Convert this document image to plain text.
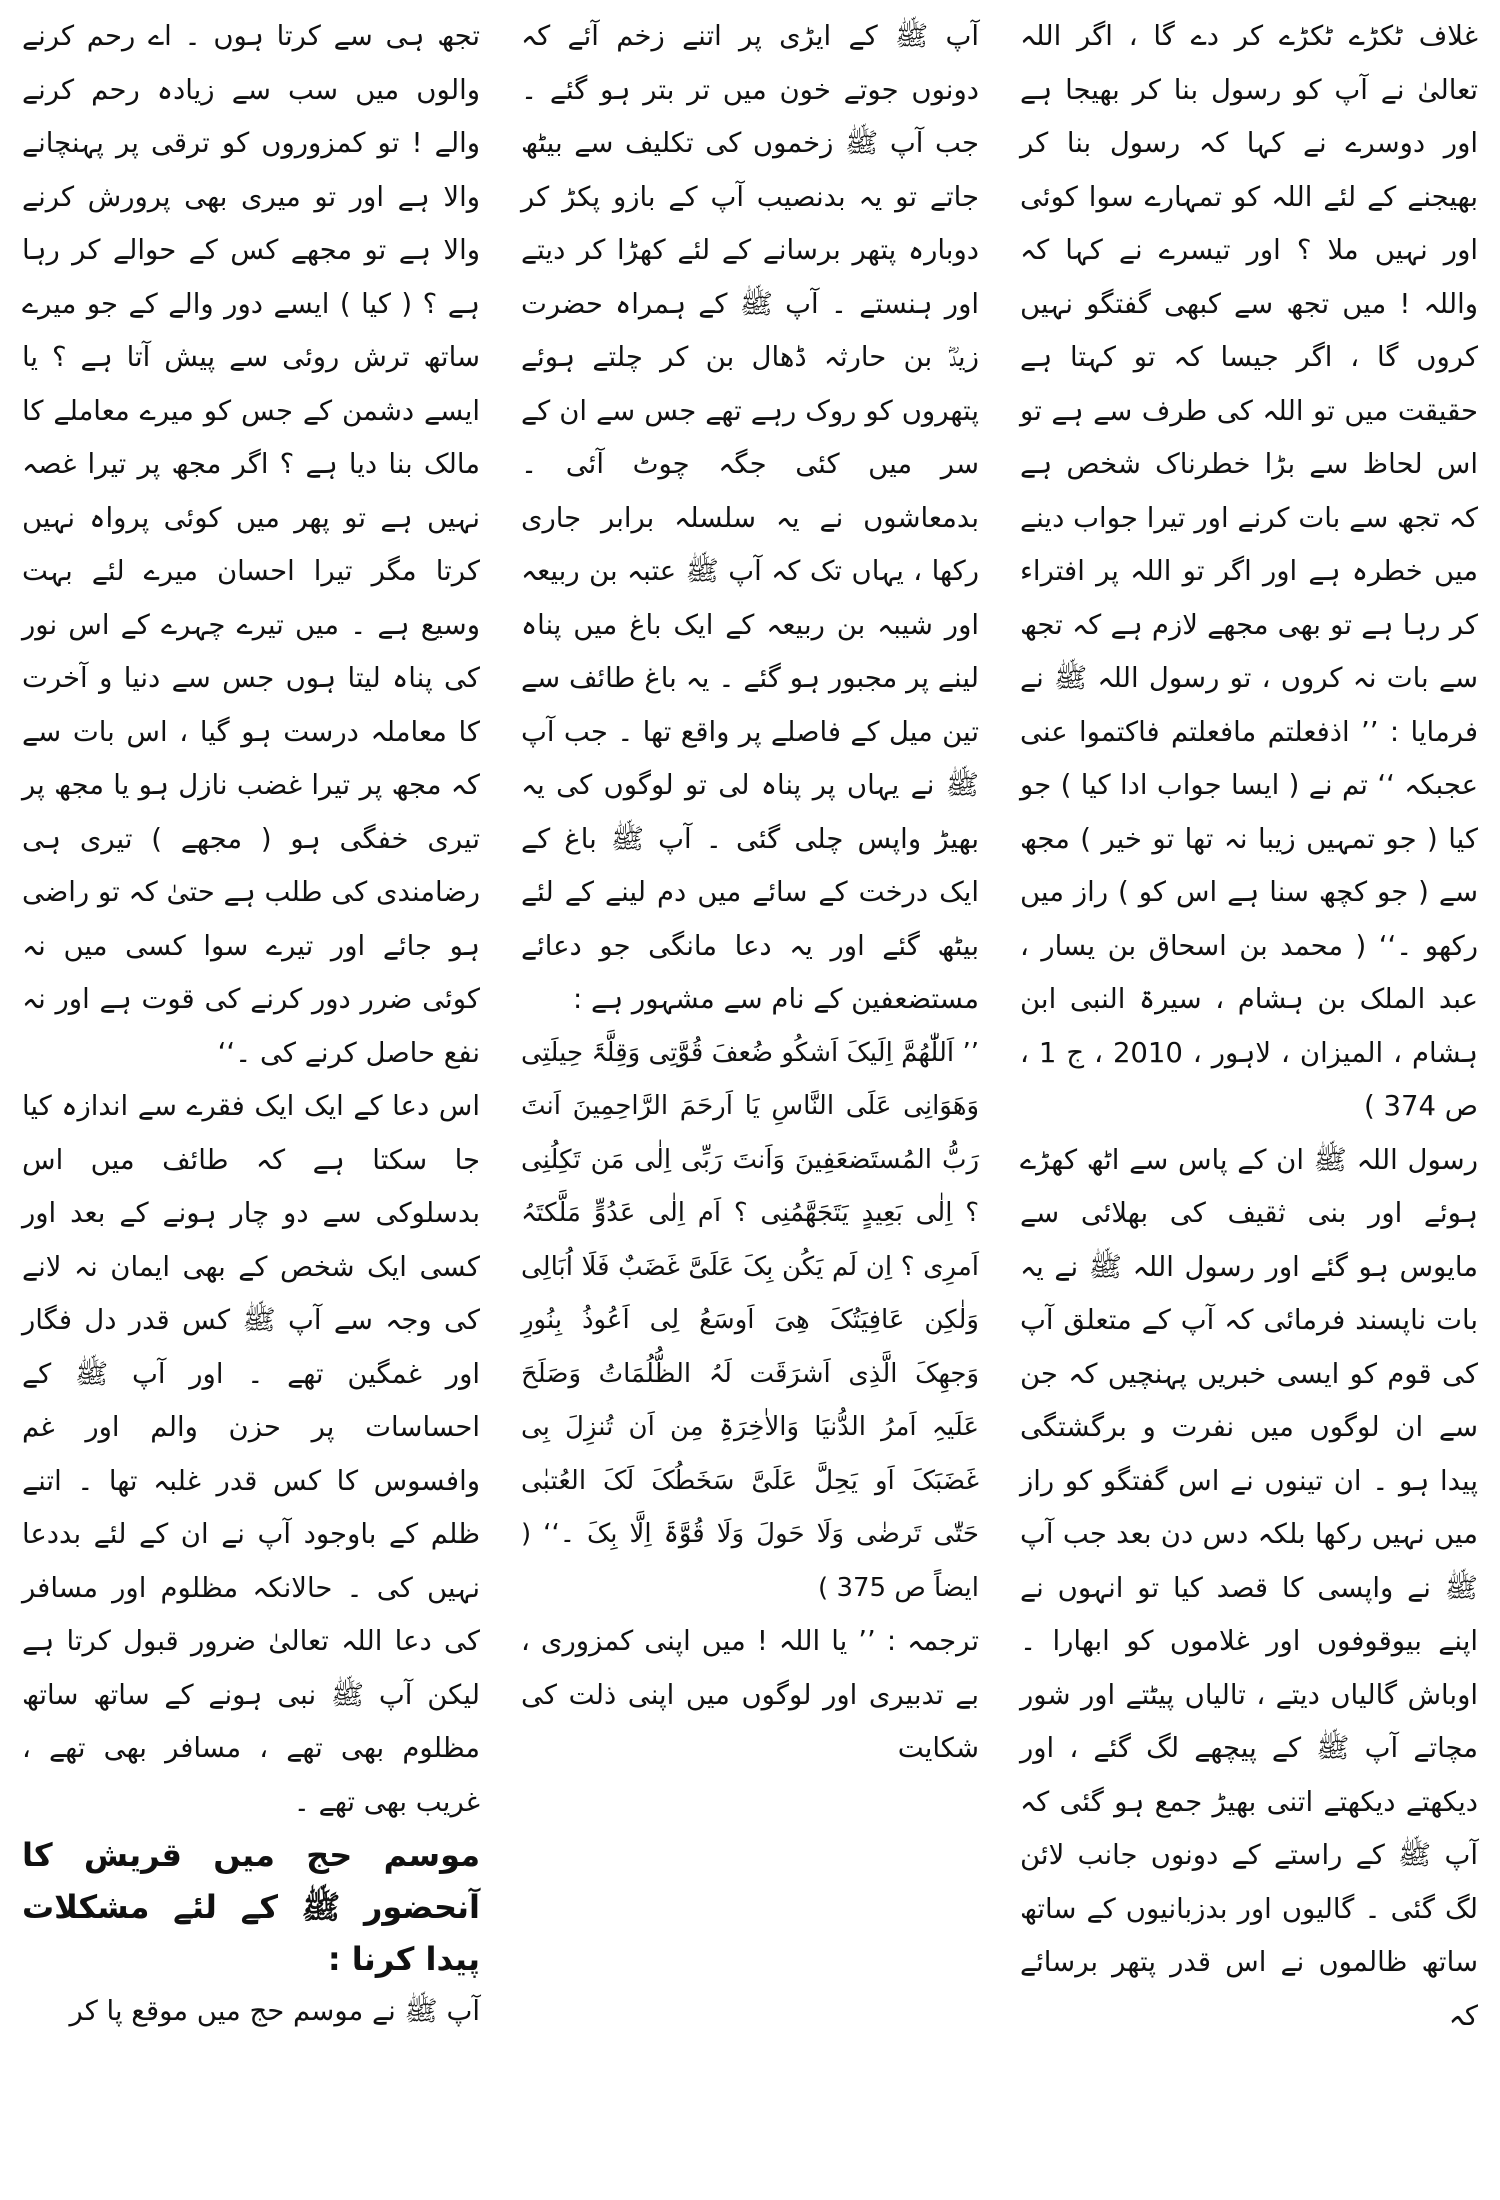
غلاف ٹکڑے ٹکڑے کر دے گا ، اگر اللہ تعالیٰ نے آپ کو رسول بنا کر بھیجا ہے اور دوسرے نے کہا کہ رسول بنا کر بھیجنے کے لئے اللہ کو تمہارے سوا کوئی اور نہیں ملا ؟ اور تیسرے نے کہا کہ واللہ ! میں تجھ سے کبھی گفتگو نہیں کروں گا ، اگر جیسا کہ تو کہتا ہے حقیقت میں تو اللہ کی طرف سے ہے تو اس لحاظ سے بڑا خطرناک شخص ہے کہ تجھ سے بات کرنے اور تیرا جواب دینے میں خطرہ ہے اور اگر تو اللہ پر افتراء کر رہا ہے تو بھی مجھے لازم ہے کہ تجھ سے بات نہ کروں ، تو رسول اللہ ﷺ نے فرمایا : ’’ اذفعلتم مافعلتم فاکتموا عنی عجبکہ ‘‘ تم نے ( ایسا جواب ادا کیا ) جو کیا ( جو تمہیں زیبا نہ تھا تو خیر ) مجھ سے ( جو کچھ سنا ہے اس کو ) راز میں رکھو ۔‘‘ ( محمد بن اسحاق بن یسار ، عبد الملک بن ہشام ، سیرۃ النبی ابن ہشام ، المیزان ، لاہور ، 2010 ، ج 1 ، ص 374 )

رسول اللہ ﷺ ان کے پاس سے اٹھ کھڑے ہوئے اور بنی ثقیف کی بھلائی سے مایوس ہو گئے اور رسول اللہ ﷺ نے یہ بات ناپسند فرمائی کہ آپ کے متعلق آپ کی قوم کو ایسی خبریں پہنچیں کہ جن سے ان لوگوں میں نفرت و برگشتگی پیدا ہو ۔ ان تینوں نے اس گفتگو کو راز میں نہیں رکھا بلکہ دس دن بعد جب آپ ﷺ نے واپسی کا قصد کیا تو انہوں نے اپنے بیوقوفوں اور غلاموں کو ابھارا ۔ اوباش گالیاں دیتے ، تالیاں پیٹتے اور شور مچاتے آپ ﷺ کے پیچھے لگ گئے ، اور دیکھتے دیکھتے اتنی بھیڑ جمع ہو گئی کہ آپ ﷺ کے راستے کے دونوں جانب لائن لگ گئی ۔ گالیوں اور بدزبانیوں کے ساتھ ساتھ ظالموں نے اس قدر پتھر برسائے کہ

آپ ﷺ کے ایڑی پر اتنے زخم آئے کہ دونوں جوتے خون میں تر بتر ہو گئے ۔ جب آپ ﷺ زخموں کی تکلیف سے بیٹھ جاتے تو یہ بدنصیب آپ کے بازو پکڑ کر دوبارہ پتھر برسانے کے لئے کھڑا کر دیتے اور ہنستے ۔ آپ ﷺ کے ہمراہ حضرت زیدؓ بن حارثہ ڈھال بن کر چلتے ہوئے پتھروں کو روک رہے تھے جس سے ان کے سر میں کئی جگہ چوٹ آئی ۔ بدمعاشوں نے یہ سلسلہ برابر جاری رکھا ، یہاں تک کہ آپ ﷺ عتبہ بن ربیعہ اور شیبہ بن ربیعہ کے ایک باغ میں پناہ لینے پر مجبور ہو گئے ۔ یہ باغ طائف سے تین میل کے فاصلے پر واقع تھا ۔ جب آپ ﷺ نے یہاں پر پناہ لی تو لوگوں کی یہ بھیڑ واپس چلی گئی ۔ آپ ﷺ باغ کے ایک درخت کے سائے میں دم لینے کے لئے بیٹھ گئے اور یہ دعا مانگی جو دعائے مستضعفین کے نام سے مشہور ہے :

’’ اَللّٰھُمَّ اِلَیکَ اَشکُو ضُعفَ قُوَّتِی وَقِلَّۃَ حِیلَتِی وَھَوَانِی عَلَی النَّاسِ یَا اَرحَمَ الرَّاحِمِینَ اَنتَ رَبُّ المُستَضعَفِینَ وَاَنتَ رَبِّی اِلٰی مَن تَکِلُنِی ؟ اِلٰی بَعِیدٍ یَتَجَھَّمُنِی ؟ اَم اِلٰی عَدُوٍّ مَلَّکتَہُ اَمرِی ؟ اِن لَم یَکُن بِکَ عَلَیَّ غَضَبٌ فَلَا اُبَالِی وَلٰکِن عَافِیَتُکَ ھِیَ اَوسَعُ لِی اَعُوذُ بِنُورِ وَجھِکَ الَّذِی اَشرَقَت لَہُ الظُّلُمَاتُ وَصَلَحَ عَلَیہِ اَمرُ الدُّنیَا وَالاٰخِرَۃِ مِن اَن تُنزِلَ بِی غَضَبَکَ اَو یَحِلَّ عَلَیَّ سَخَطُکَ لَکَ العُتبٰی حَتّٰی تَرضٰی وَلَا حَولَ وَلَا قُوَّۃَ اِلَّا بِکَ ۔‘‘ ( ایضاً ص 375 )

ترجمہ : ’’ یا اللہ ! میں اپنی کمزوری ، بے تدبیری اور لوگوں میں اپنی ذلت کی شکایت

تجھ ہی سے کرتا ہوں ۔ اے رحم کرنے والوں میں سب سے زیادہ رحم کرنے والے ! تو کمزوروں کو ترقی پر پہنچانے والا ہے اور تو میری بھی پرورش کرنے والا ہے تو مجھے کس کے حوالے کر رہا ہے ؟ ( کیا ) ایسے دور والے کے جو میرے ساتھ ترش روئی سے پیش آتا ہے ؟ یا ایسے دشمن کے جس کو میرے معاملے کا مالک بنا دیا ہے ؟ اگر مجھ پر تیرا غصہ نہیں ہے تو پھر میں کوئی پرواہ نہیں کرتا مگر تیرا احسان میرے لئے بہت وسیع ہے ۔ میں تیرے چہرے کے اس نور کی پناہ لیتا ہوں جس سے دنیا و آخرت کا معاملہ درست ہو گیا ، اس بات سے کہ مجھ پر تیرا غضب نازل ہو یا مجھ پر تیری خفگی ہو ( مجھے ) تیری ہی رضامندی کی طلب ہے حتیٰ کہ تو راضی ہو جائے اور تیرے سوا کسی میں نہ کوئی ضرر دور کرنے کی قوت ہے اور نہ نفع حاصل کرنے کی ۔‘‘

اس دعا کے ایک ایک فقرے سے اندازہ کیا جا سکتا ہے کہ طائف میں اس بدسلوکی سے دو چار ہونے کے بعد اور کسی ایک شخص کے بھی ایمان نہ لانے کی وجہ سے آپ ﷺ کس قدر دل فگار اور غمگین تھے ۔ اور آپ ﷺ کے احساسات پر حزن والم اور غم وافسوس کا کس قدر غلبہ تھا ۔ اتنے ظلم کے باوجود آپ نے ان کے لئے بددعا نہیں کی ۔ حالانکہ مظلوم اور مسافر کی دعا اللہ تعالیٰ ضرور قبول کرتا ہے لیکن آپ ﷺ نبی ہونے کے ساتھ ساتھ مظلوم بھی تھے ، مسافر بھی تھے ، غریب بھی تھے ۔

موسم حج میں قریش کا آنحضور ﷺ کے لئے مشکلات پیدا کرنا :

آپ ﷺ نے موسم حج میں موقع پا کر
